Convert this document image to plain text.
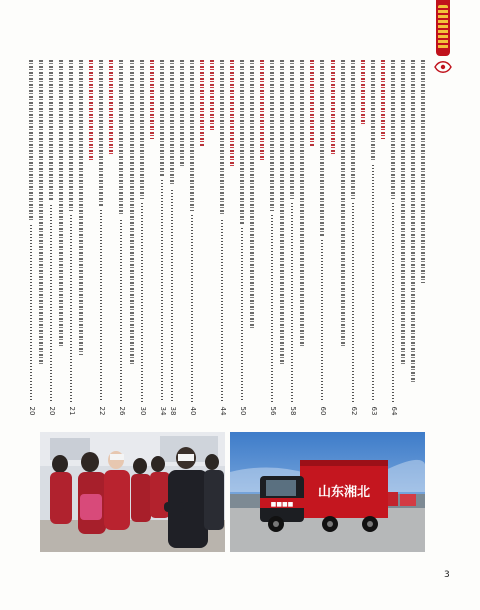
64
63
62
60
58
56
50
44
40
38
34
30
26
22
21
20
20
山东湘北
■■■■
3
